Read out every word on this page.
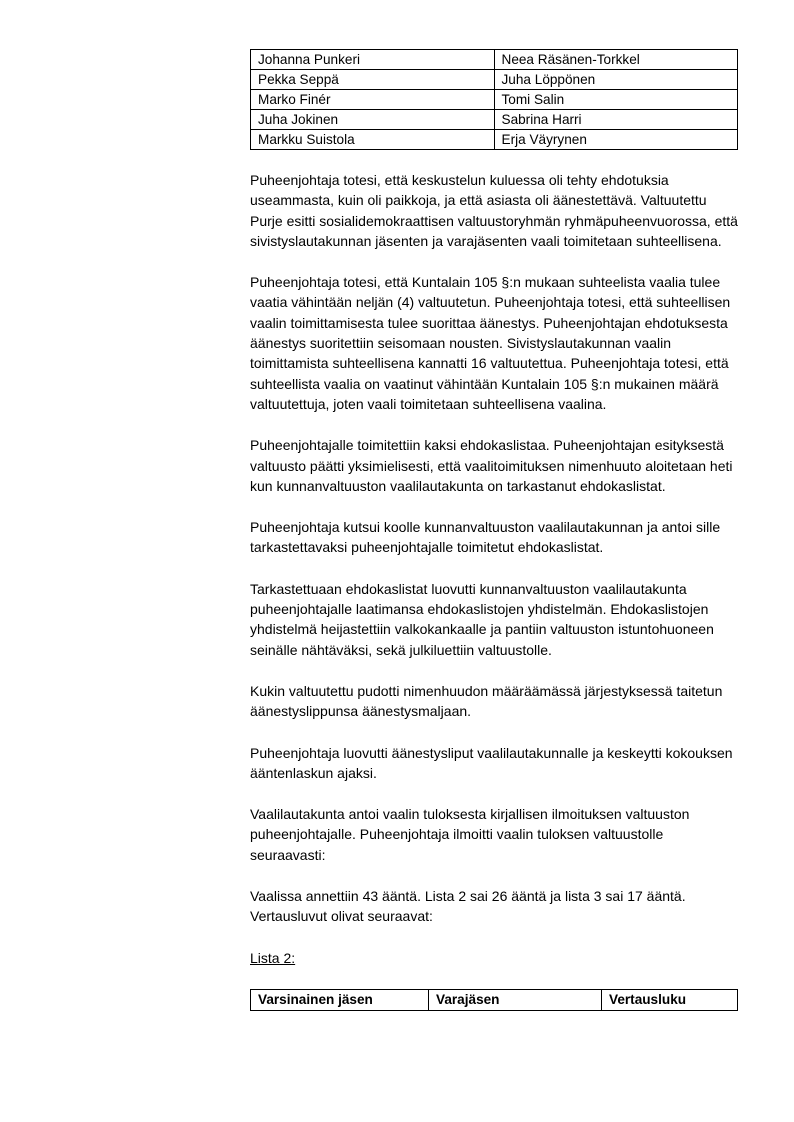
Johanna Punkeri	Neea Räsänen-Torkkel
Pekka Seppä	Juha Löppönen
Marko Finér	Tomi Salin
Juha Jokinen	Sabrina Harri
Markku Suistola	Erja Väyrynen

Puheenjohtaja totesi, että keskustelun kuluessa oli tehty ehdotuksia useammasta, kuin oli paikkoja, ja että asiasta oli äänestettävä. Valtuutettu Purje esitti sosialidemokraattisen valtuustoryhmän ryhmäpuheenvuorossa, että sivistyslautakunnan jäsenten ja varajäsenten vaali toimitetaan suhteellisena.

Puheenjohtaja totesi, että Kuntalain 105 §:n mukaan suhteelista vaalia tulee vaatia vähintään neljän (4) valtuutetun. Puheenjohtaja totesi, että suhteellisen vaalin toimittamisesta tulee suorittaa äänestys. Puheenjohtajan ehdotuksesta äänestys suoritettiin seisomaan nousten. Sivistyslautakunnan vaalin toimittamista suhteellisena kannatti 16 valtuutettua. Puheenjohtaja totesi, että suhteellista vaalia on vaatinut vähintään Kuntalain 105 §:n mukainen määrä valtuutettuja, joten vaali toimitetaan suhteellisena vaalina.

Puheenjohtajalle toimitettiin kaksi ehdokaslistaa. Puheenjohtajan esityksestä valtuusto päätti yksimielisesti, että vaalitoimituksen nimenhuuto aloitetaan heti kun kunnanvaltuuston vaalilautakunta on tarkastanut ehdokaslistat.

Puheenjohtaja kutsui koolle kunnanvaltuuston vaalilautakunnan ja antoi sille tarkastettavaksi puheenjohtajalle toimitetut ehdokaslistat.

Tarkastettuaan ehdokaslistat luovutti kunnanvaltuuston vaalilautakunta puheenjohtajalle laatimansa ehdokaslistojen yhdistelmän. Ehdokaslistojen yhdistelmä heijastettiin valkokankaalle ja pantiin valtuuston istuntohuoneen seinälle nähtäväksi, sekä julkiluettiin valtuustolle.

Kukin valtuutettu pudotti nimenhuudon määräämässä järjestyksessä taitetun äänestyslippunsa äänestysmaljaan.

Puheenjohtaja luovutti äänestysliput vaalilautakunnalle ja keskeytti kokouksen ääntenlaskun ajaksi.

Vaalilautakunta antoi vaalin tuloksesta kirjallisen ilmoituksen valtuuston puheenjohtajalle. Puheenjohtaja ilmoitti vaalin tuloksen valtuustolle seuraavasti:

Vaalissa annettiin 43 ääntä. Lista 2 sai 26 ääntä ja lista 3 sai 17 ääntä. Vertausluvut olivat seuraavat:

Lista 2:

Varsinainen jäsen	Varajäsen	Vertausluku
